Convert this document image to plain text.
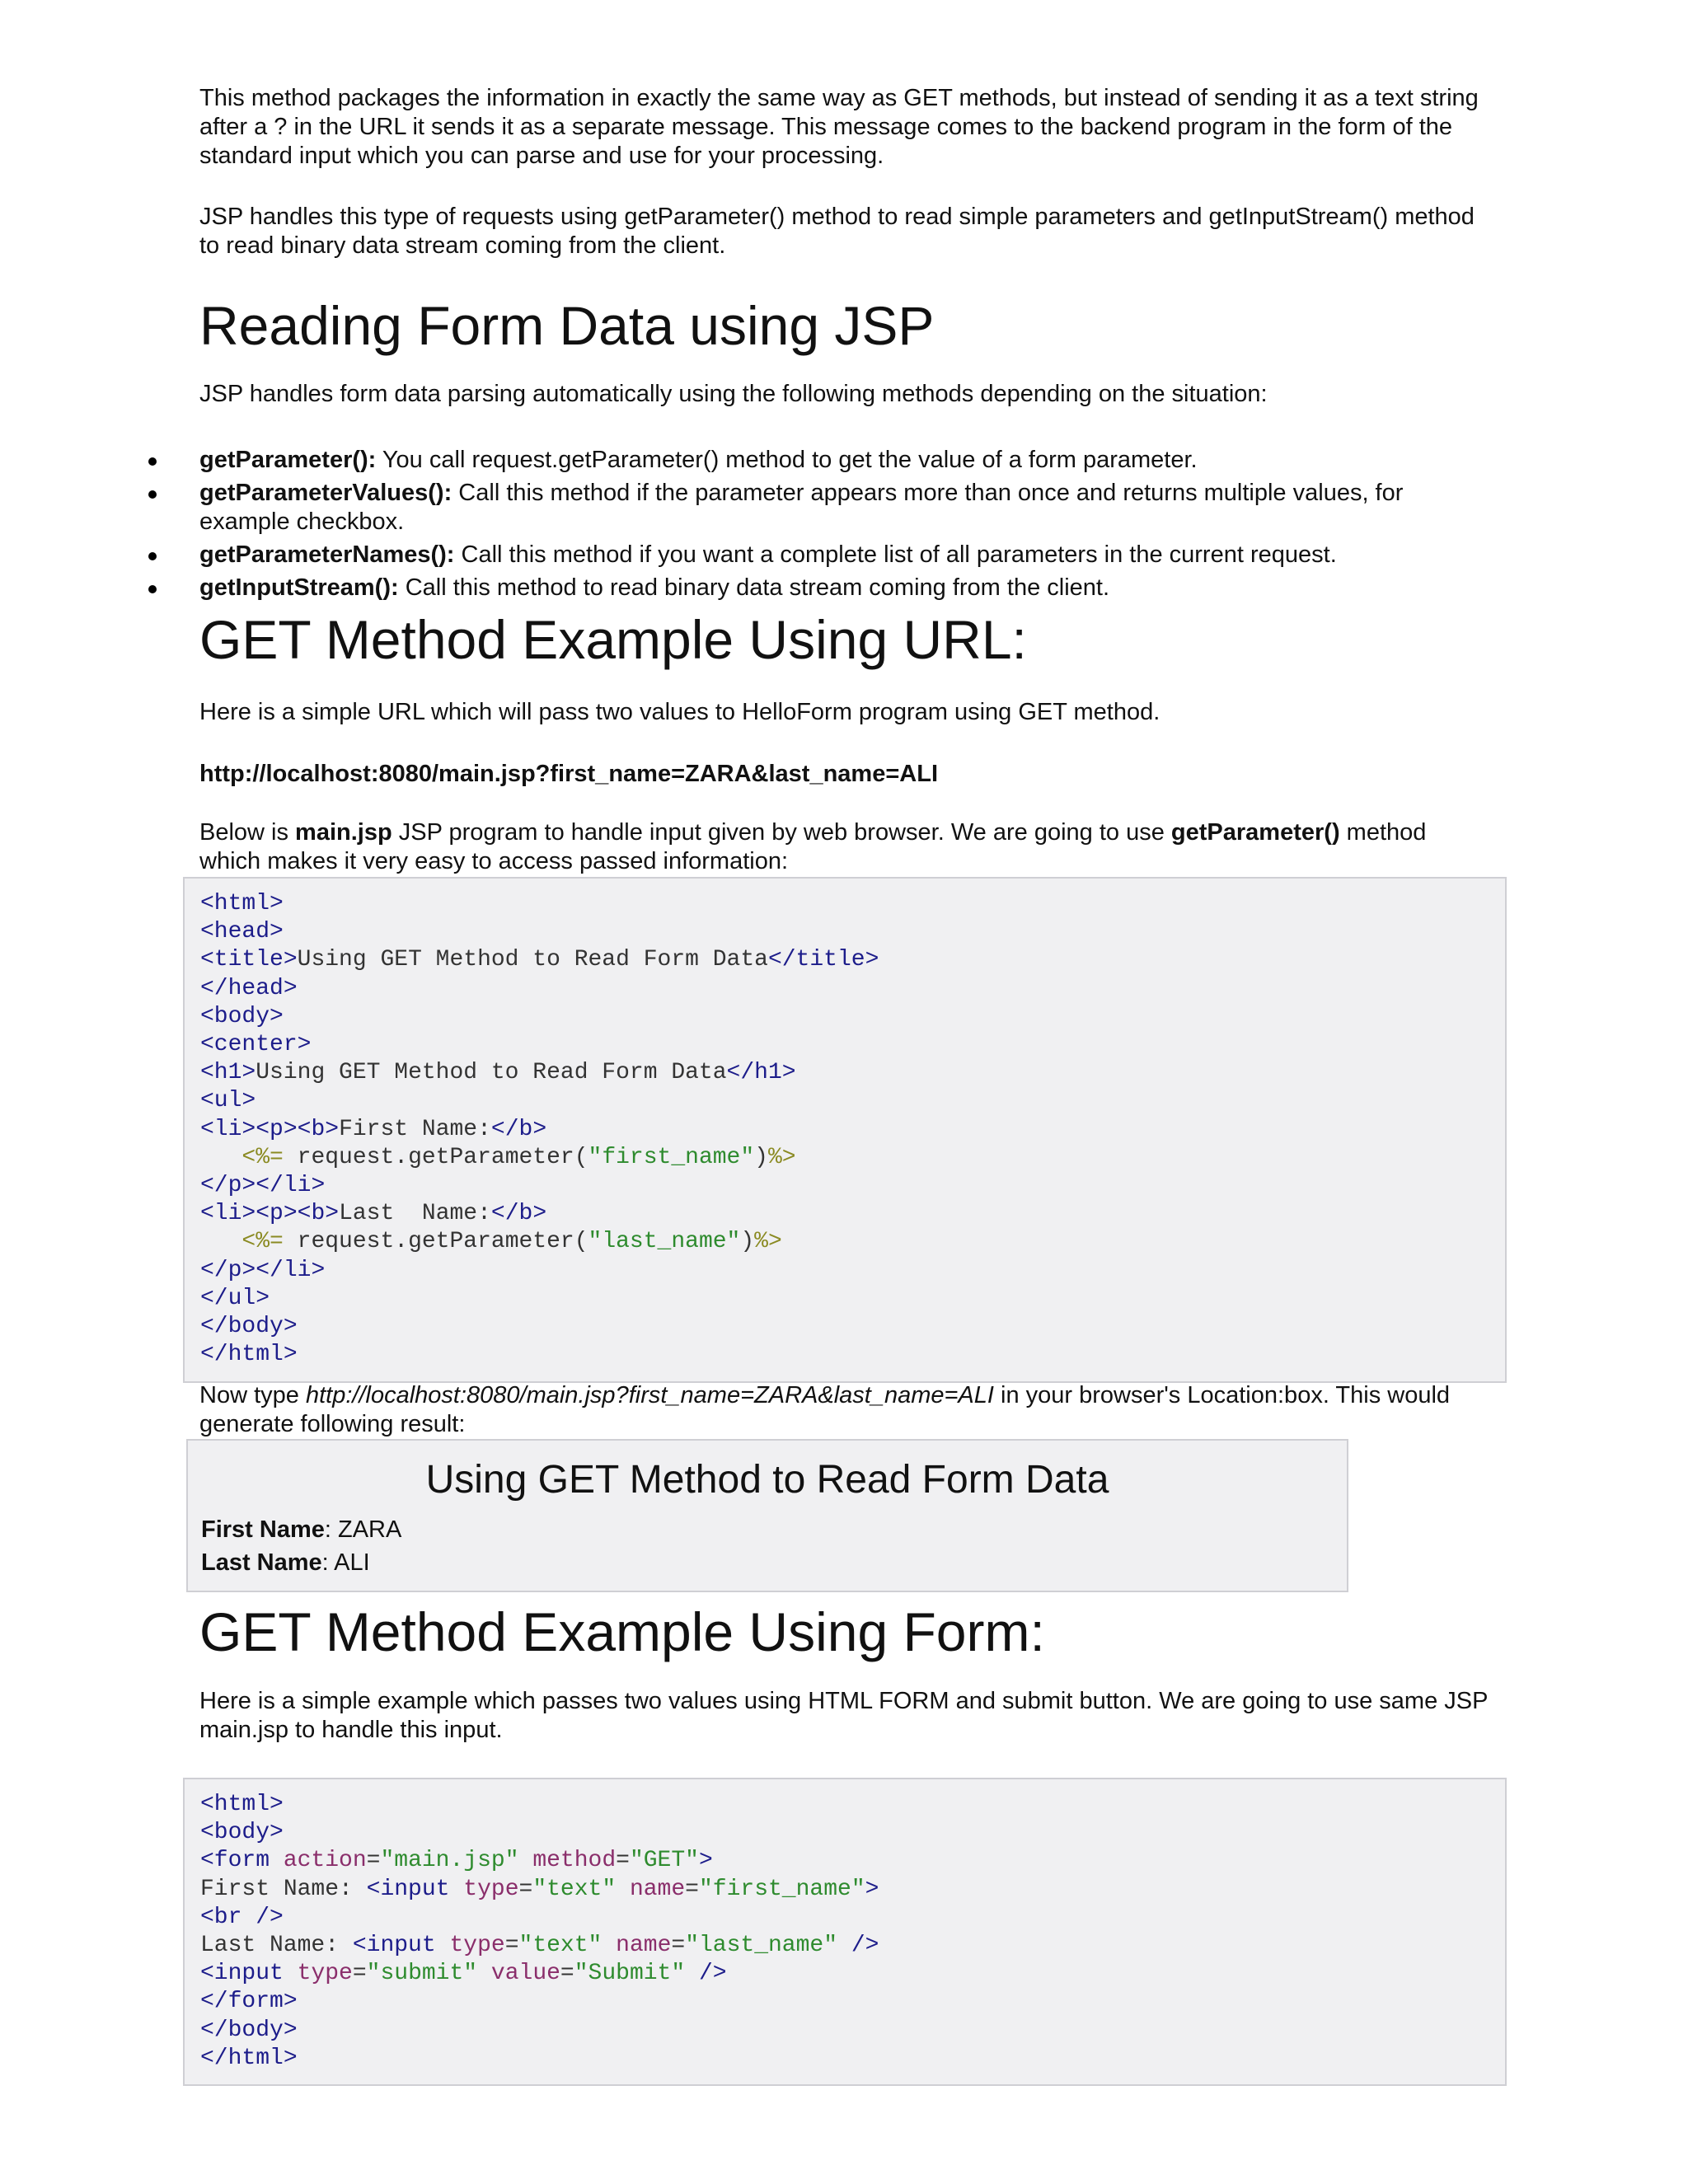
This method packages the information in exactly the same way as GET methods, but instead of sending it as a text string after a ? in the URL it sends it as a separate message. This message comes to the backend program in the form of the standard input which you can parse and use for your processing.

JSP handles this type of requests using getParameter() method to read simple parameters and getInputStream() method to read binary data stream coming from the client.

Reading Form Data using JSP

JSP handles form data parsing automatically using the following methods depending on the situation:

getParameter(): You call request.getParameter() method to get the value of a form parameter.
getParameterValues(): Call this method if the parameter appears more than once and returns multiple values, for example checkbox.
getParameterNames(): Call this method if you want a complete list of all parameters in the current request.
getInputStream(): Call this method to read binary data stream coming from the client.
GET Method Example Using URL:

Here is a simple URL which will pass two values to HelloForm program using GET method.

http://localhost:8080/main.jsp?first_name=ZARA&last_name=ALI

Below is main.jsp JSP program to handle input given by web browser. We are going to use getParameter() method which makes it very easy to access passed information:

<html>
<head>
<title>Using GET Method to Read Form Data</title>
</head>
<body>
<center>
<h1>Using GET Method to Read Form Data</h1>
<ul>
<li><p><b>First Name:</b>
<%= request.getParameter("first_name")%>
</p></li>
<li><p><b>Last  Name:</b>
<%= request.getParameter("last_name")%>
</p></li>
</ul>
</body>
</html>

Now type http://localhost:8080/main.jsp?first_name=ZARA&last_name=ALI in your browser's Location:box. This would generate following result:

Using GET Method to Read Form Data
First Name: ZARA
Last Name: ALI
GET Method Example Using Form:

Here is a simple example which passes two values using HTML FORM and submit button. We are going to use same JSP main.jsp to handle this input.

<html>
<body>
<form action="main.jsp" method="GET">
First Name: <input type="text" name="first_name">
<br />
Last Name: <input type="text" name="last_name" />
<input type="submit" value="Submit" />
</form>
</body>
</html>
